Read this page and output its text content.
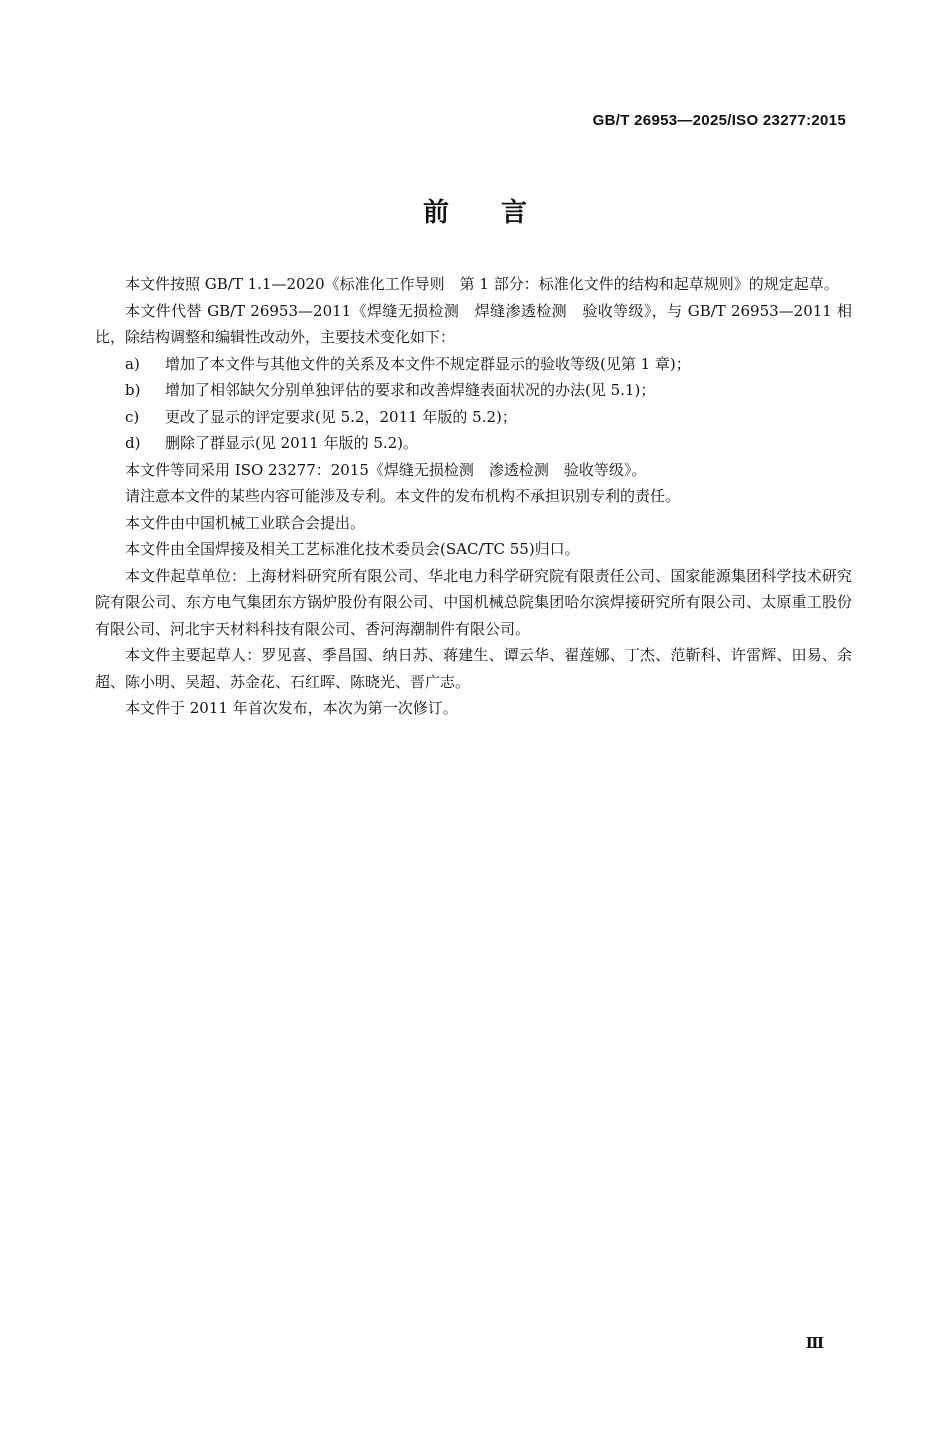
GB/T 26953—2025/ISO 23277:2015
前 言

本文件按照 GB/T 1.1—2020《标准化工作导则　第 1 部分：标准化文件的结构和起草规则》的规定起草。

本文件代替 GB/T 26953—2011《焊缝无损检测　焊缝渗透检测　验收等级》，与 GB/T 26953—2011 相比，除结构调整和编辑性改动外，主要技术变化如下：

a)	增加了本文件与其他文件的关系及本文件不规定群显示的验收等级(见第 1 章)；
b)	增加了相邻缺欠分别单独评估的要求和改善焊缝表面状况的办法(见 5.1)；
c)	更改了显示的评定要求(见 5.2，2011 年版的 5.2)；
d)	删除了群显示(见 2011 年版的 5.2)。

本文件等同采用 ISO 23277：2015《焊缝无损检测　渗透检测　验收等级》。

请注意本文件的某些内容可能涉及专利。本文件的发布机构不承担识别专利的责任。

本文件由中国机械工业联合会提出。

本文件由全国焊接及相关工艺标准化技术委员会(SAC/TC 55)归口。

本文件起草单位：上海材料研究所有限公司、华北电力科学研究院有限责任公司、国家能源集团科学技术研究院有限公司、东方电气集团东方锅炉股份有限公司、中国机械总院集团哈尔滨焊接研究所有限公司、太原重工股份有限公司、河北宇天材料科技有限公司、香河海潮制件有限公司。

本文件主要起草人：罗见喜、季昌国、纳日苏、蒋建生、谭云华、翟莲娜、丁杰、范靳科、许雷辉、田易、余超、陈小明、吴超、苏金花、石红晖、陈晓光、晋广志。

本文件于 2011 年首次发布，本次为第一次修订。

Ⅲ
